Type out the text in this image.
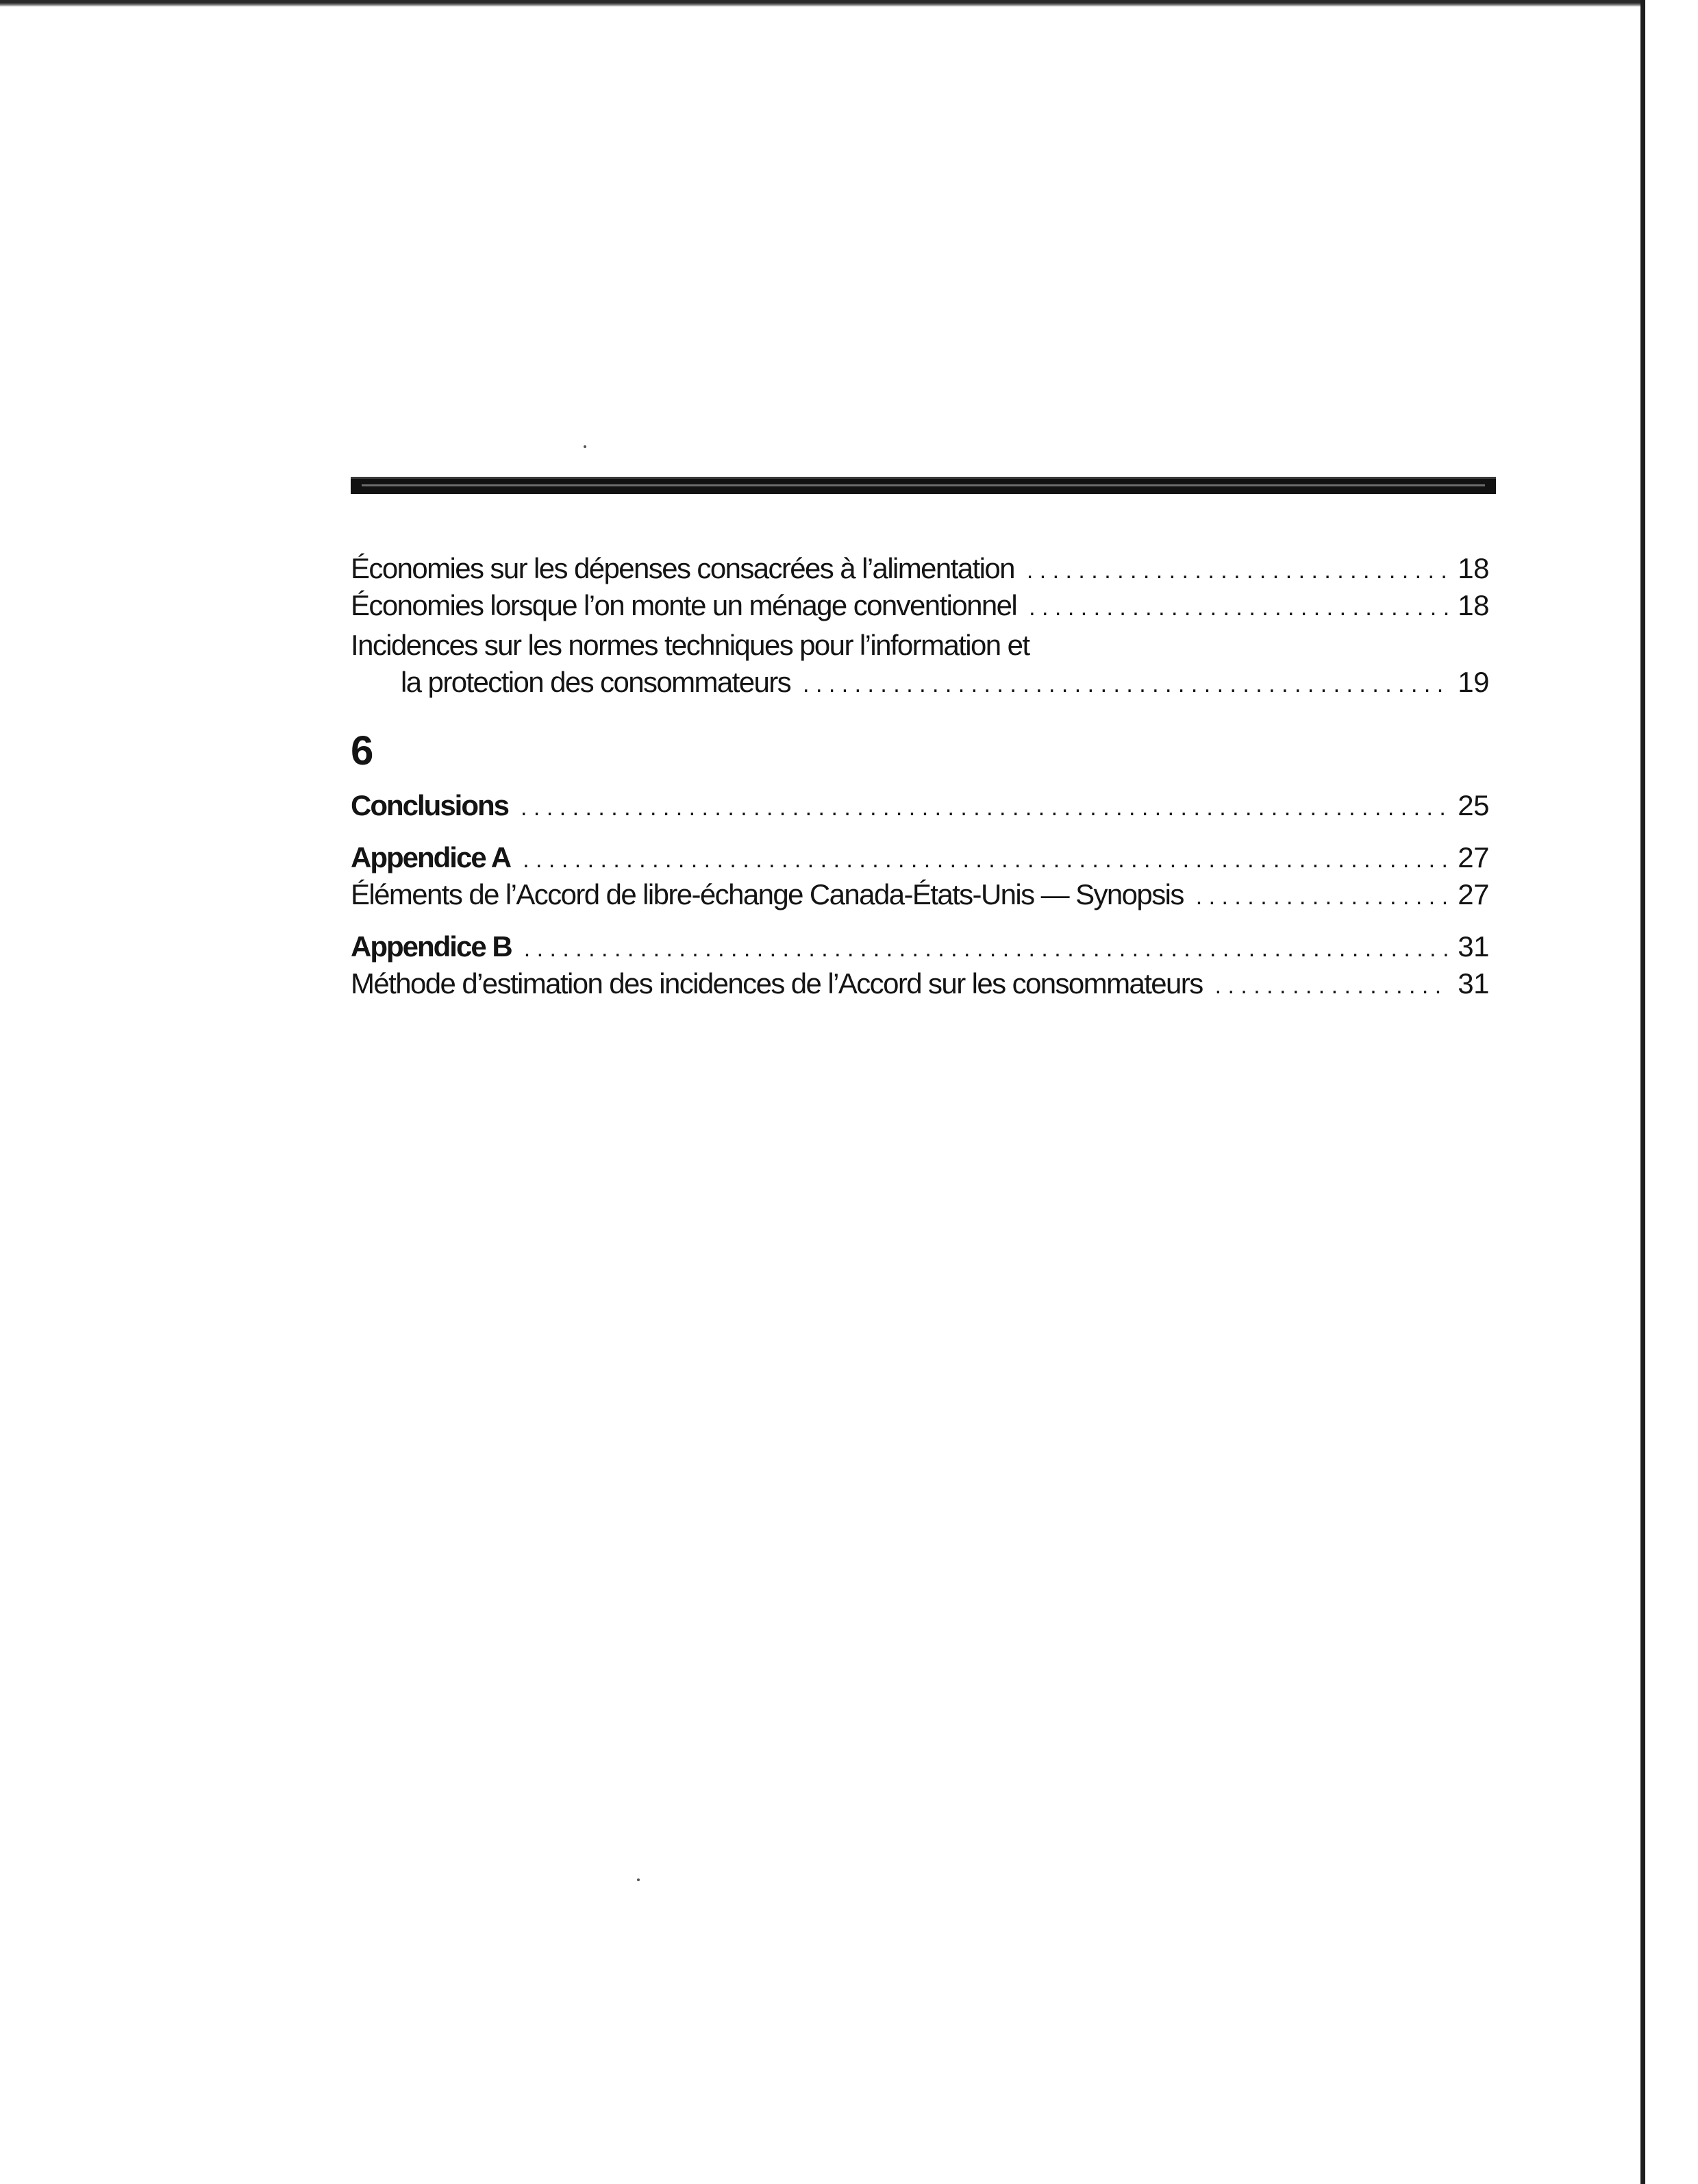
Économies sur les dépenses consacrées à l’alimentation . . .	18
Économies lorsque l’on monte un ménage conventionnel . . .	18
Incidences sur les normes techniques pour l’information et
la protection des consommateurs . . .	19
Conclusions . . .	25
Appendice A . . .	27
Éléments de l’Accord de libre-échange Canada-États-Unis — Synopsis . . .	27
Appendice B . . .	31
Méthode d’estimation des incidences de l’Accord sur les consommateurs . . .	31
6
